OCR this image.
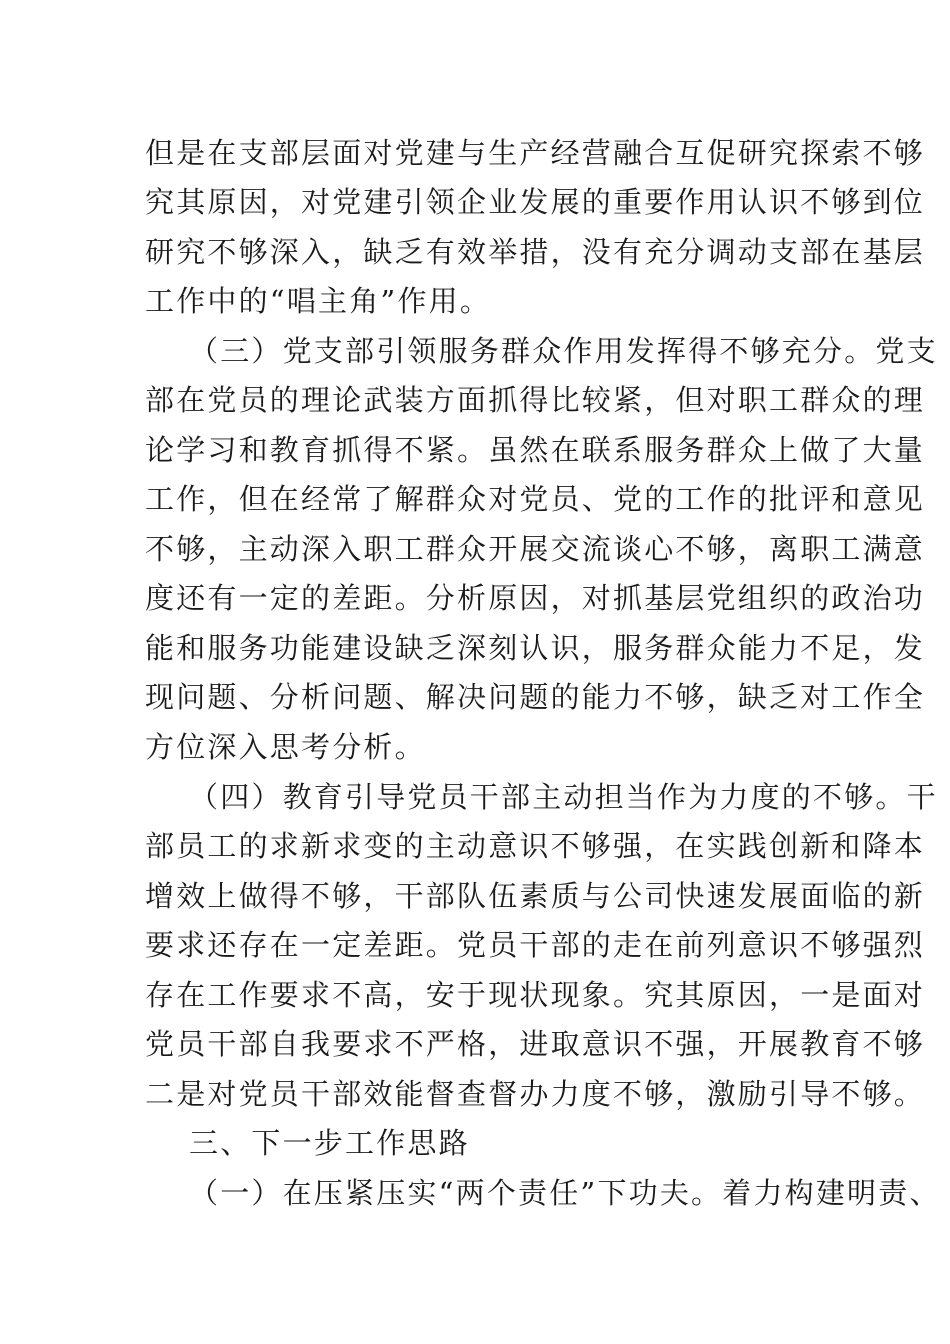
但是在支部层面对党建与生产经营融合互促研究探索不够
究其原因，对党建引领企业发展的重要作用认识不够到位
研究不够深入，缺乏有效举措，没有充分调动支部在基层
工作中的“唱主角”作用。
（三）党支部引领服务群众作用发挥得不够充分。党支
部在党员的理论武装方面抓得比较紧，但对职工群众的理
论学习和教育抓得不紧。虽然在联系服务群众上做了大量
工作，但在经常了解群众对党员、党的工作的批评和意见
不够，主动深入职工群众开展交流谈心不够，离职工满意
度还有一定的差距。分析原因，对抓基层党组织的政治功
能和服务功能建设缺乏深刻认识，服务群众能力不足，发
现问题、分析问题、解决问题的能力不够，缺乏对工作全
方位深入思考分析。
（四）教育引导党员干部主动担当作为力度的不够。干
部员工的求新求变的主动意识不够强，在实践创新和降本
增效上做得不够，干部队伍素质与公司快速发展面临的新
要求还存在一定差距。党员干部的走在前列意识不够强烈
存在工作要求不高，安于现状现象。究其原因，一是面对
党员干部自我要求不严格，进取意识不强，开展教育不够
二是对党员干部效能督查督办力度不够，激励引导不够。
三、下一步工作思路
（一）在压紧压实“两个责任”下功夫。着力构建明责、
